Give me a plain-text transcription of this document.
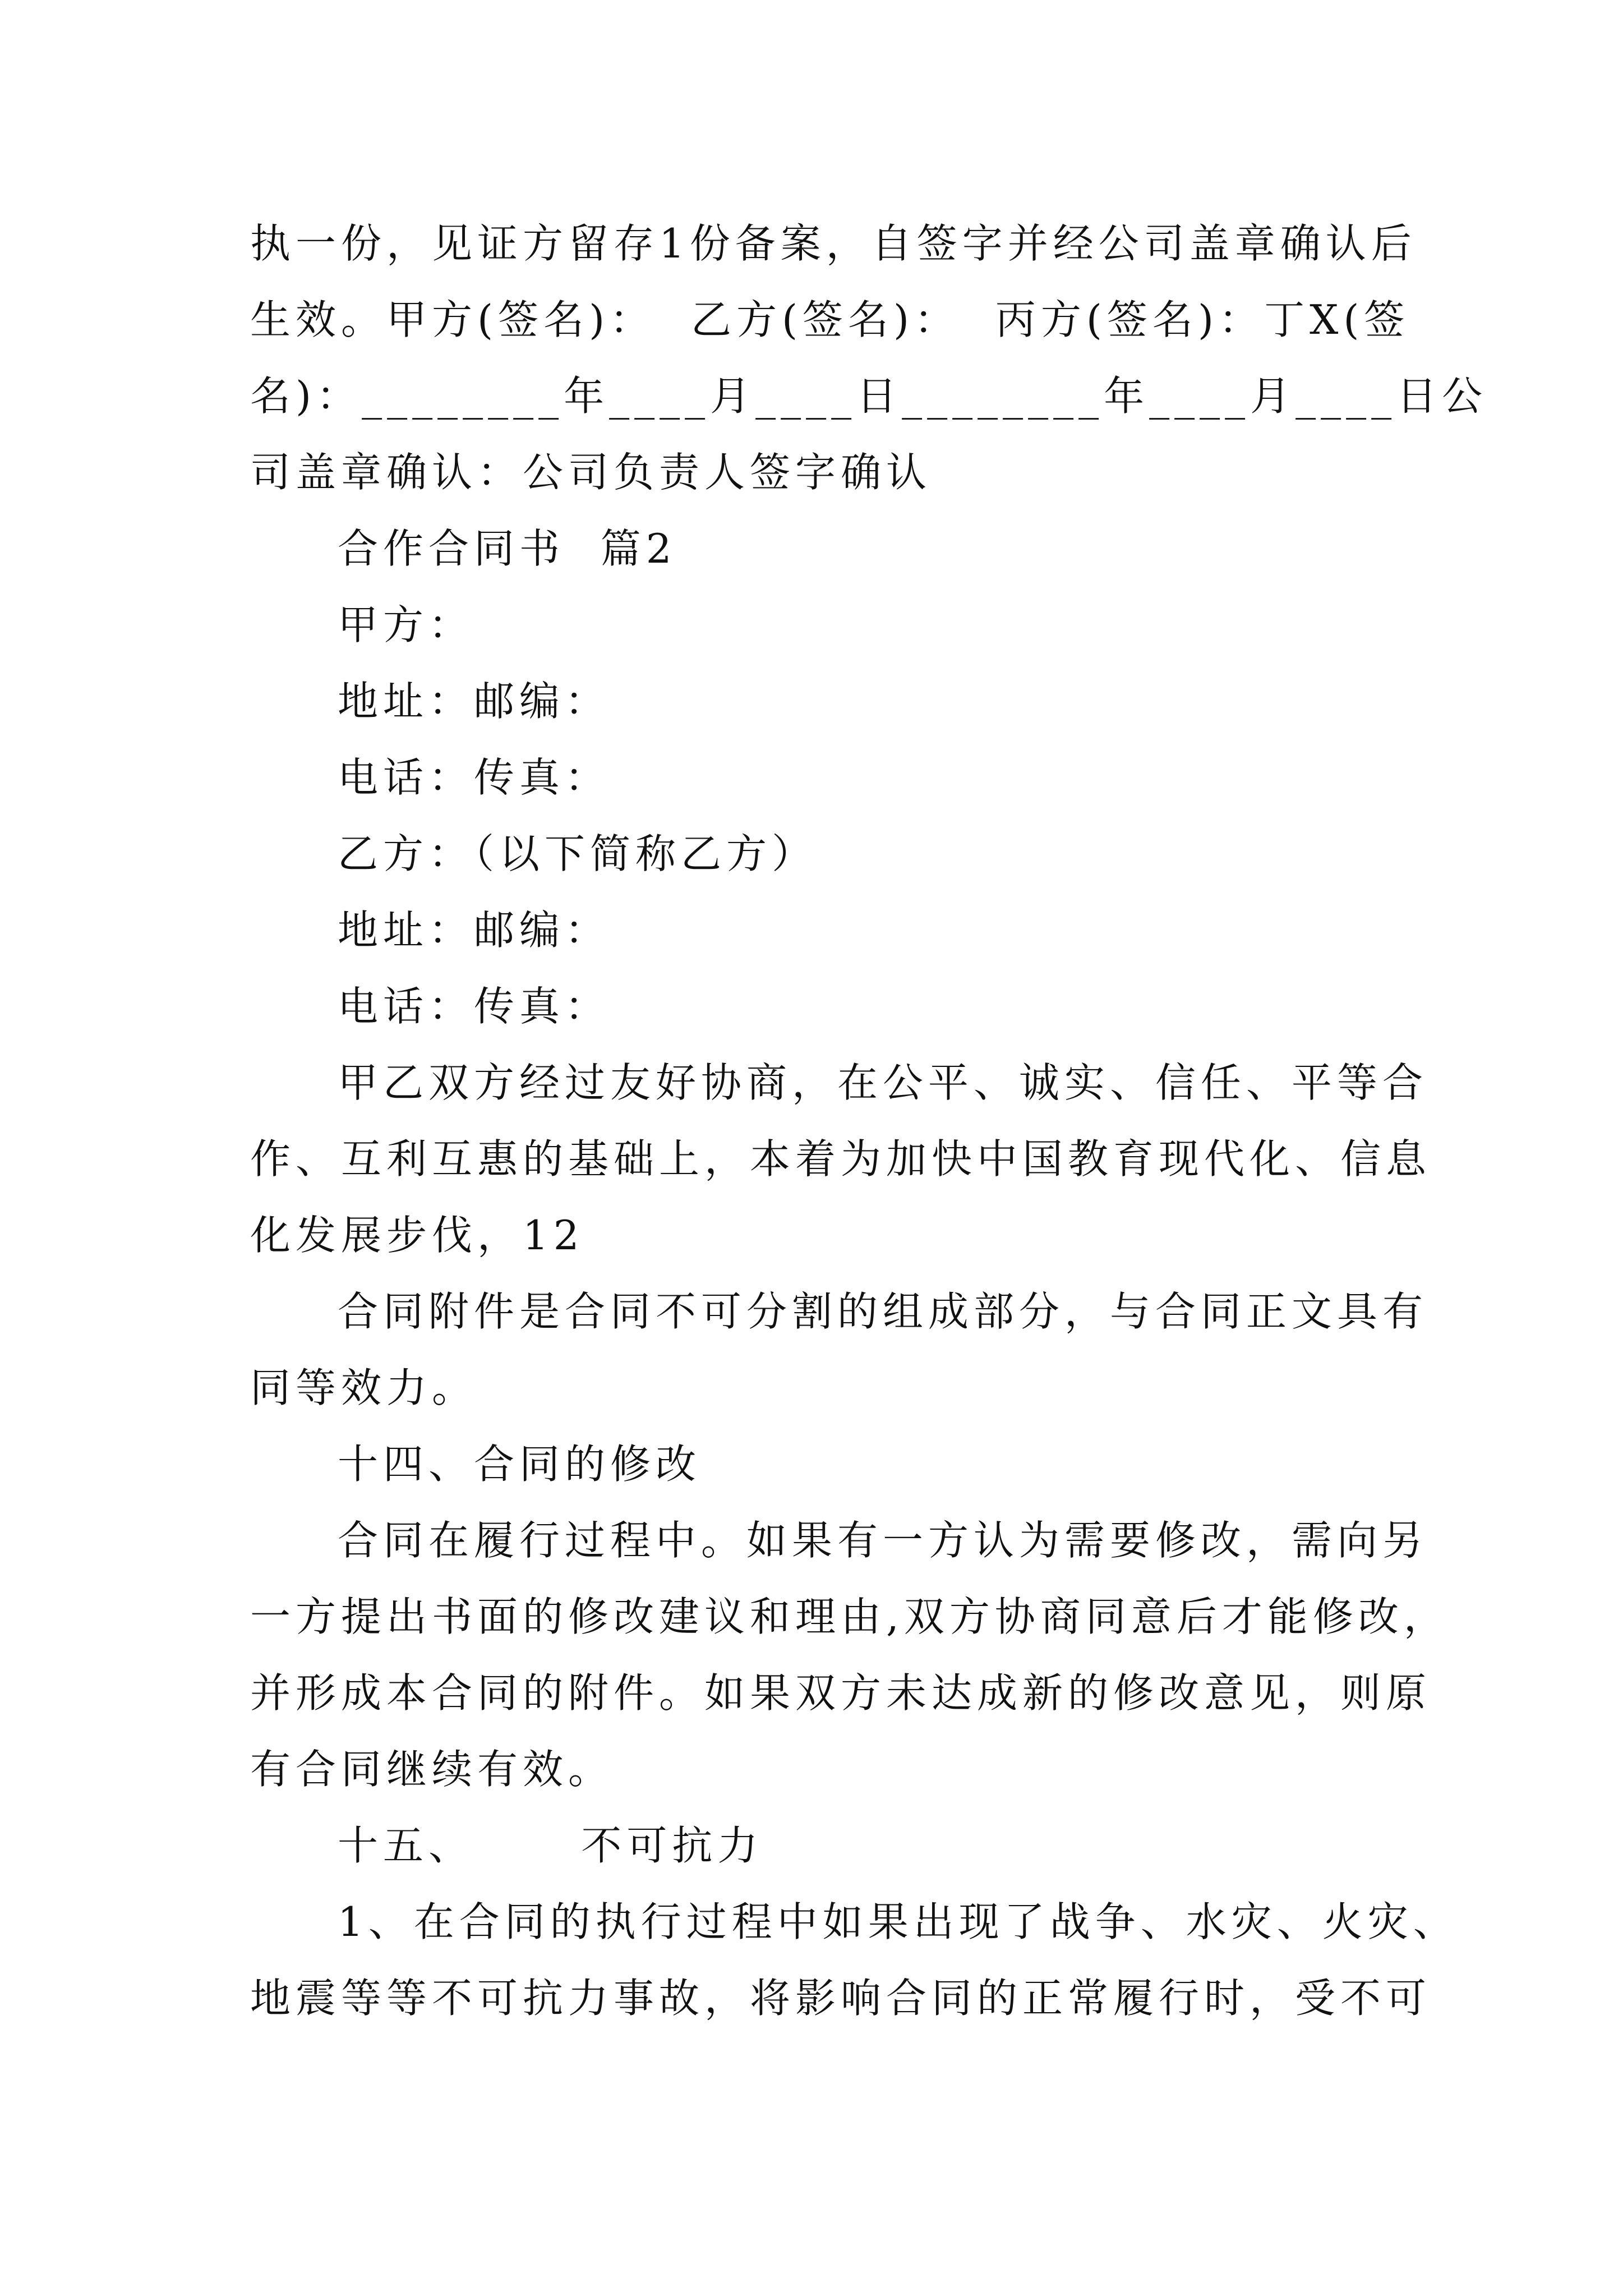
执一份，见证方留存1份备案，自签字并经公司盖章确认后
生效。甲方(签名)：  乙方(签名)：  丙方(签名)：丁X(签
名)：________年____月____日________年____月____日公
司盖章确认：公司负责人签字确认
合作合同书  篇2
甲方：
地址：邮编：
电话：传真：
乙方：（以下简称乙方）
地址：邮编：
电话：传真：
甲乙双方经过友好协商，在公平、诚实、信任、平等合
作、互利互惠的基础上，本着为加快中国教育现代化、信息
化发展步伐，12
合同附件是合同不可分割的组成部分，与合同正文具有
同等效力。
十四、合同的修改
合同在履行过程中。如果有一方认为需要修改，需向另
一方提出书面的修改建议和理由,双方协商同意后才能修改，
并形成本合同的附件。如果双方未达成新的修改意见，则原
有合同继续有效。
十五、      不可抗力
1、在合同的执行过程中如果出现了战争、水灾、火灾、
地震等等不可抗力事故，将影响合同的正常履行时，受不可
